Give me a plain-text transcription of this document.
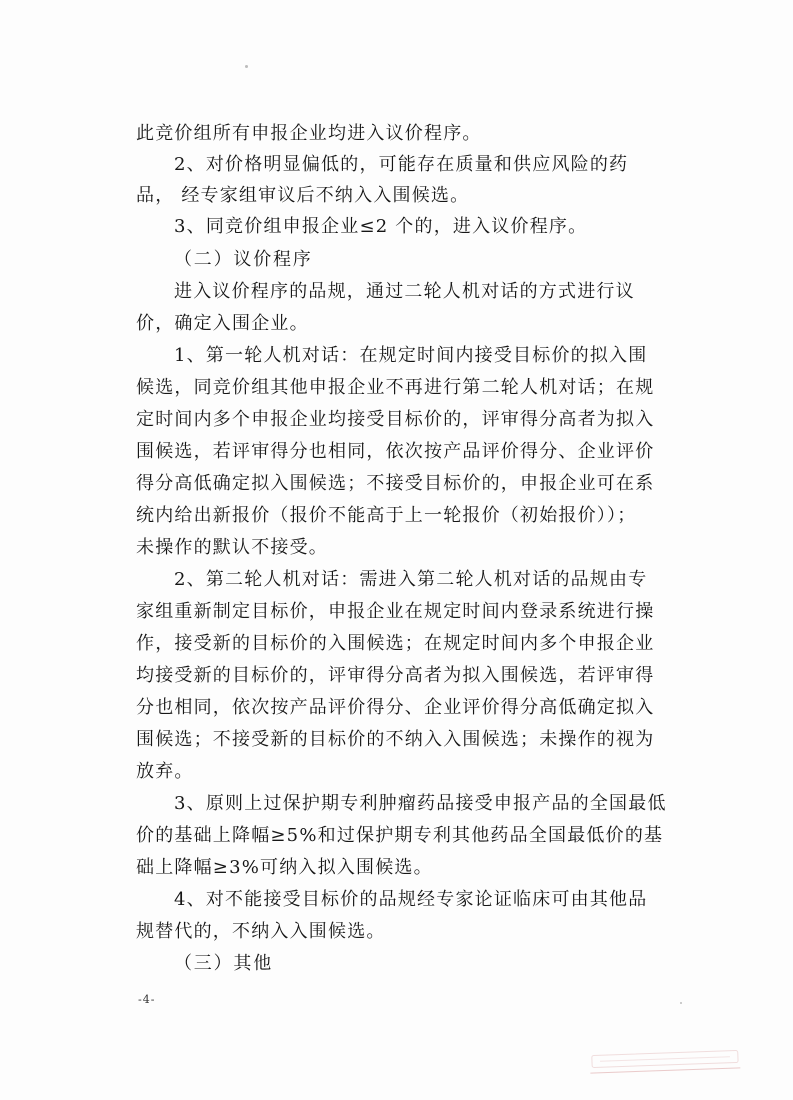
此竞价组所有申报企业均进入议价程序。
2、对价格明显偏低的，可能存在质量和供应风险的药
品， 经专家组审议后不纳入入围候选。
3、同竞价组申报企业≤2 个的，进入议价程序。
（二）议价程序
进入议价程序的品规，通过二轮人机对话的方式进行议
价，确定入围企业。
1、第一轮人机对话：在规定时间内接受目标价的拟入围
候选，同竞价组其他申报企业不再进行第二轮人机对话；在规
定时间内多个申报企业均接受目标价的，评审得分高者为拟入
围候选，若评审得分也相同，依次按产品评价得分、企业评价
得分高低确定拟入围候选；不接受目标价的，申报企业可在系
统内给出新报价（报价不能高于上一轮报价（初始报价））；
未操作的默认不接受。
2、第二轮人机对话：需进入第二轮人机对话的品规由专
家组重新制定目标价，申报企业在规定时间内登录系统进行操
作，接受新的目标价的入围候选；在规定时间内多个申报企业
均接受新的目标价的，评审得分高者为拟入围候选，若评审得
分也相同，依次按产品评价得分、企业评价得分高低确定拟入
围候选；不接受新的目标价的不纳入入围候选；未操作的视为
放弃。
3、原则上过保护期专利肿瘤药品接受申报产品的全国最低
价的基础上降幅≥5%和过保护期专利其他药品全国最低价的基
础上降幅≥3%可纳入拟入围候选。
4、对不能接受目标价的品规经专家论证临床可由其他品
规替代的，不纳入入围候选。
（三）其他
-4-
